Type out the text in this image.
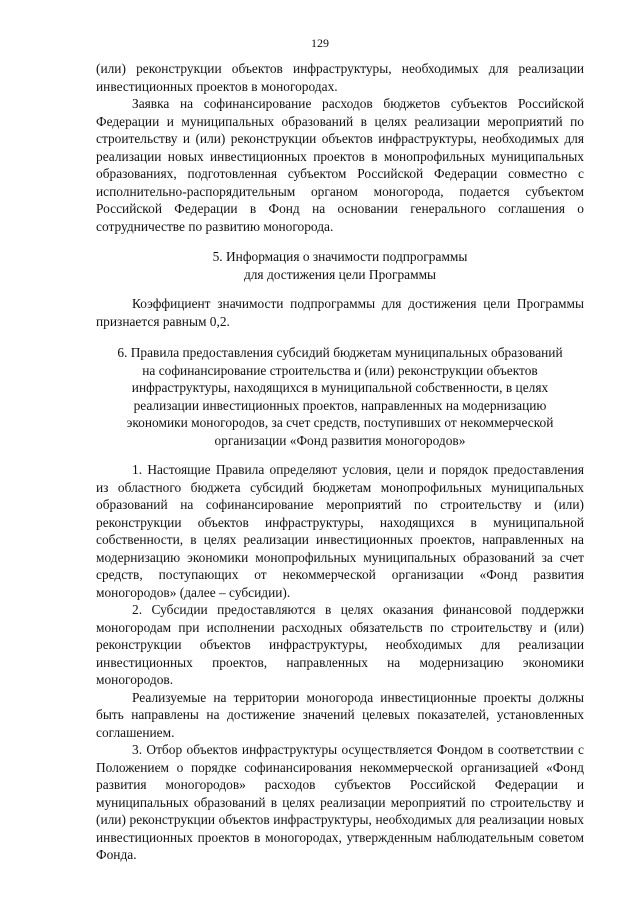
129

(или) реконструкции объектов инфраструктуры, необходимых для реализации инвестиционных проектов в моногородах.

Заявка на софинансирование расходов бюджетов субъектов Российской Федерации и муниципальных образований в целях реализации мероприятий по строительству и (или) реконструкции объектов инфраструктуры, необходимых для реализации новых инвестиционных проектов в монопрофильных муниципальных образованиях, подготовленная субъектом Российской Федерации совместно с исполнительно-распорядительным органом моногорода, подается субъектом Российской Федерации в Фонд на основании генерального соглашения о сотрудничестве по развитию моногорода.

5. Информация о значимости подпрограммы
для достижения цели Программы

Коэффициент значимости подпрограммы для достижения цели Программы признается равным 0,2.

6. Правила предоставления субсидий бюджетам муниципальных образований
на софинансирование строительства и (или) реконструкции объектов
инфраструктуры, находящихся в муниципальной собственности, в целях
реализации инвестиционных проектов, направленных на модернизацию
экономики моногородов, за счет средств, поступивших от некоммерческой
организации «Фонд развития моногородов»

1. Настоящие Правила определяют условия, цели и порядок предоставления из областного бюджета субсидий бюджетам монопрофильных муниципальных образований на софинансирование мероприятий по строительству и (или) реконструкции объектов инфраструктуры, находящихся в муниципальной собственности, в целях реализации инвестиционных проектов, направленных на модернизацию экономики монопрофильных муниципальных образований за счет средств, поступающих от некоммерческой организации «Фонд развития моногородов» (далее – субсидии).

2. Субсидии предоставляются в целях оказания финансовой поддержки моногородам при исполнении расходных обязательств по строительству и (или) реконструкции объектов инфраструктуры, необходимых для реализации инвестиционных проектов, направленных на модернизацию экономики моногородов.

Реализуемые на территории моногорода инвестиционные проекты должны быть направлены на достижение значений целевых показателей, установленных соглашением.

3. Отбор объектов инфраструктуры осуществляется Фондом в соответствии с Положением о порядке софинансирования некоммерческой организацией «Фонд развития моногородов» расходов субъектов Российской Федерации и муниципальных образований в целях реализации мероприятий по строительству и (или) реконструкции объектов инфраструктуры, необходимых для реализации новых инвестиционных проектов в моногородах, утвержденным наблюдательным советом Фонда.
